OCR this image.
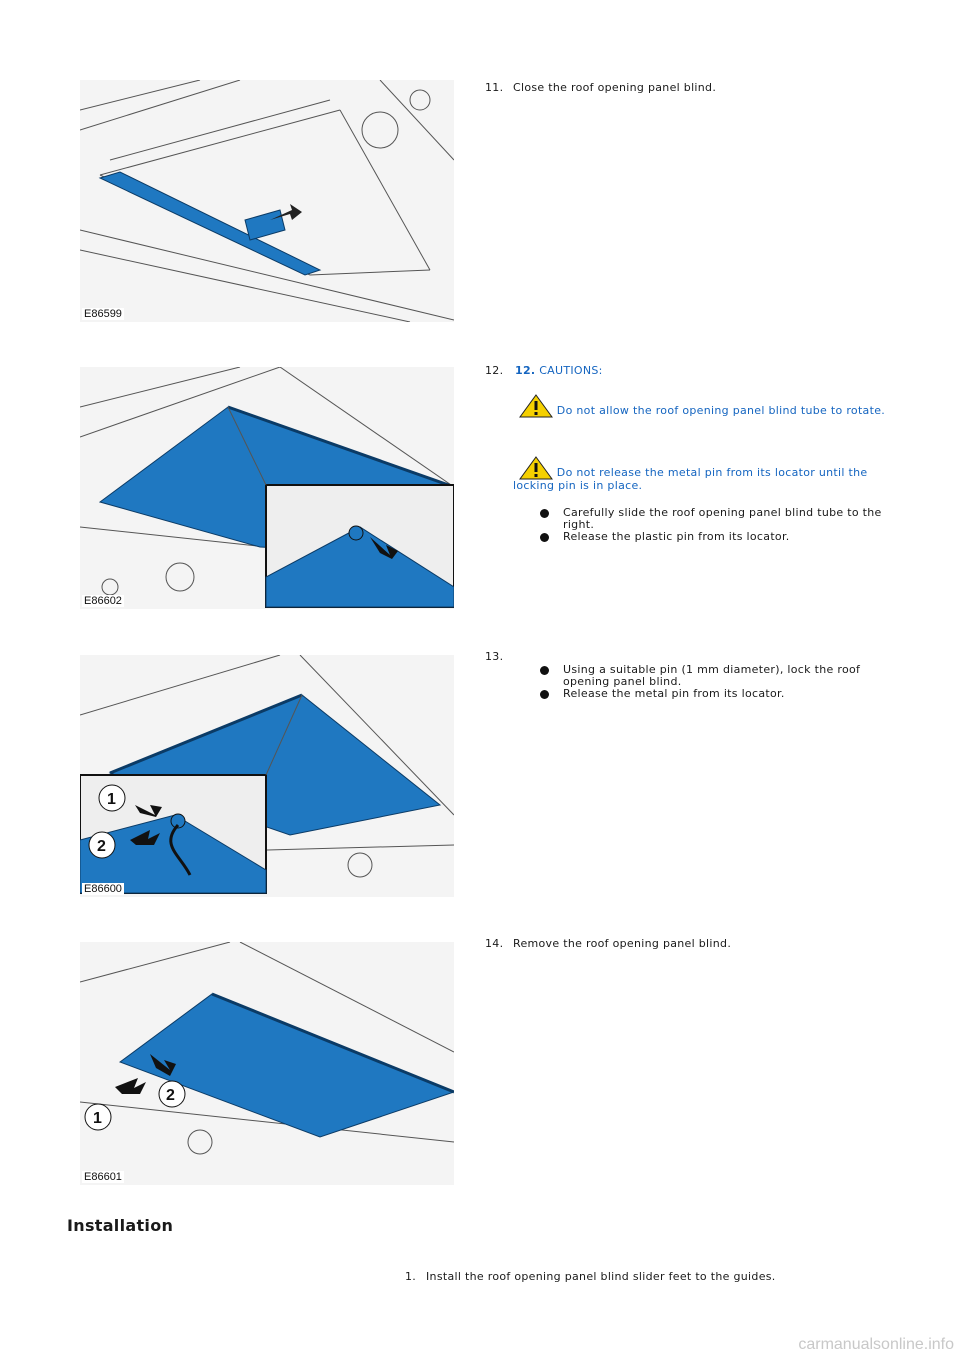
E86599
11. Close the roof opening panel blind.
E86602
12. 12. CAUTIONS:
Do not allow the roof opening panel blind tube to rotate.
Do not release the metal pin from its locator until the locking pin is in place.
Carefully slide the roof opening panel blind tube to the right.
Release the plastic pin from its locator.
1
2
E86600
13.
Using a suitable pin (1 mm diameter), lock the roof opening panel blind.
Release the metal pin from its locator.
2
1
E86601
14. Remove the roof opening panel blind.
Installation
1. Install the roof opening panel blind slider feet to the guides.
carmanualsonline.info
